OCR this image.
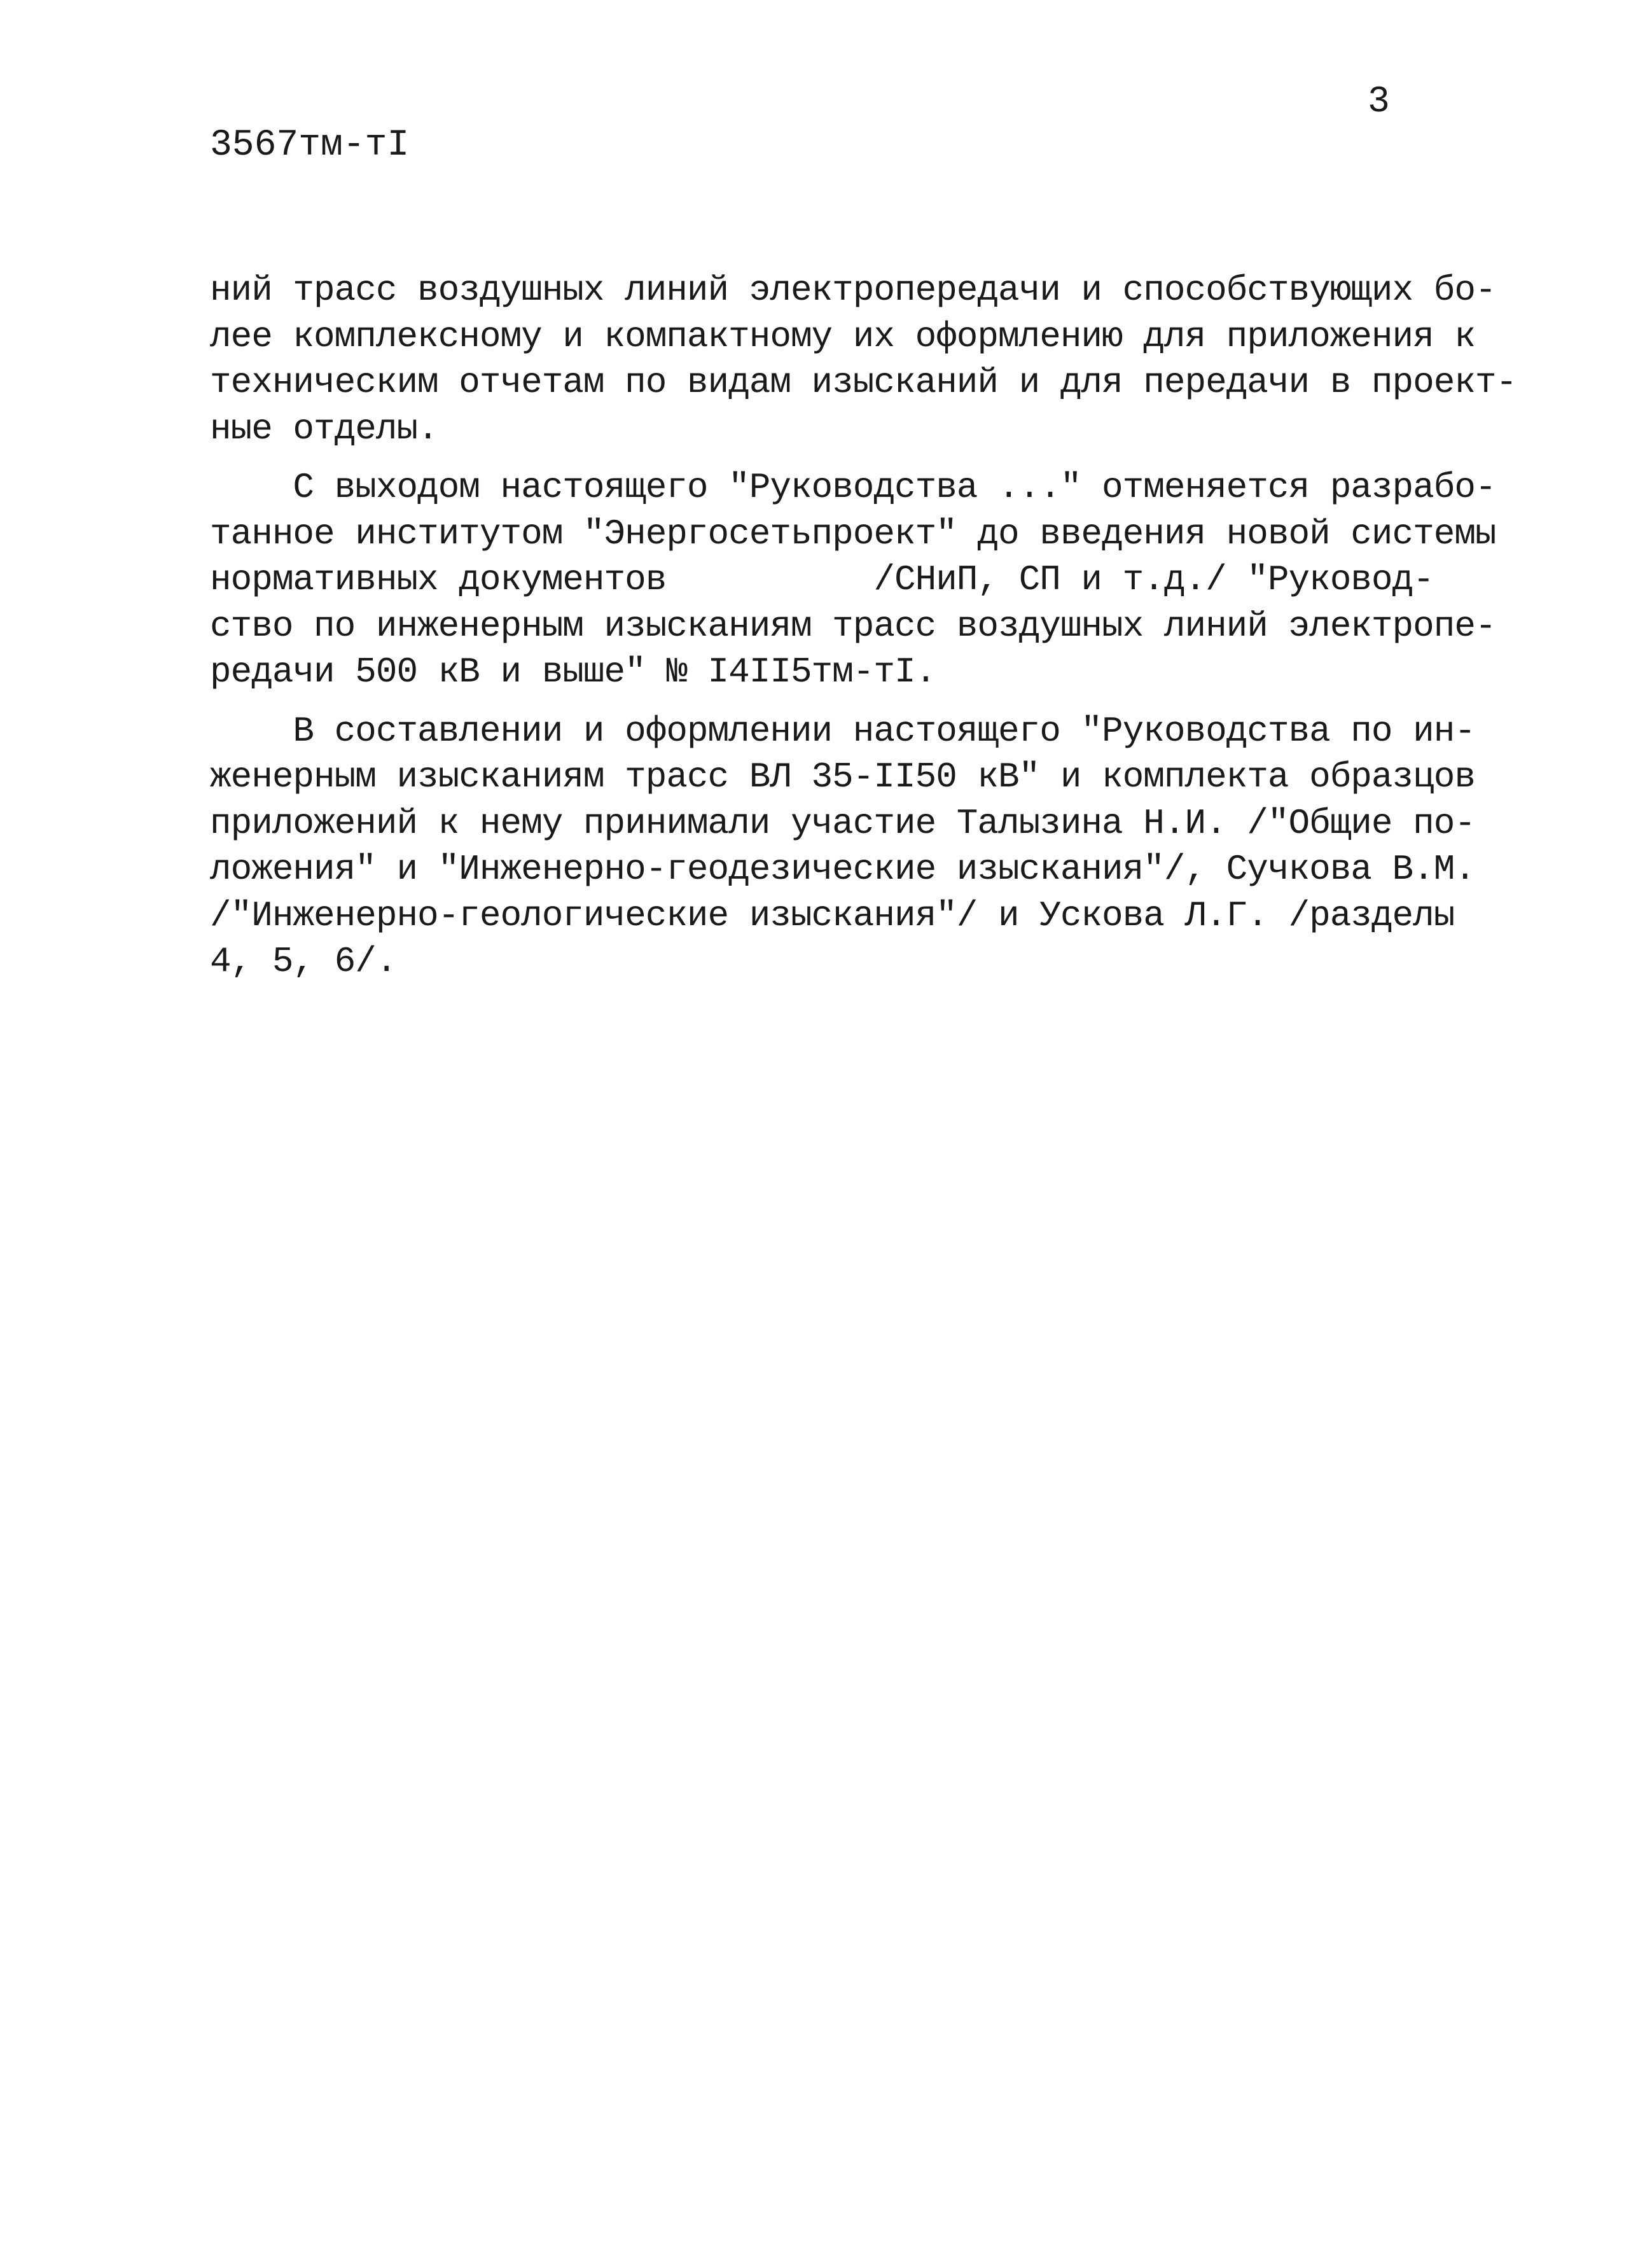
3
3567тм-тI
ний трасс воздушных линий электропередачи и способствующих бо-
лее комплексному и компактному их оформлению для приложения к
техническим отчетам по видам изысканий и для передачи в проект-
ные отделы.
С выходом настоящего "Руководства ..." отменяется разрабо-
танное институтом "Энергосетьпроект" до введения новой системы
нормативных документов          /СНиП, СП и т.д./ "Руковод-
ство по инженерным изысканиям трасс воздушных линий электропе-
редачи 500 кВ и выше" № I4II5тм-тI.
В составлении и оформлении настоящего "Руководства по ин-
женерным изысканиям трасс ВЛ 35-II50 кВ" и комплекта образцов
приложений к нему принимали участие Талызина Н.И. /"Общие по-
ложения" и "Инженерно-геодезические изыскания"/, Сучкова В.М.
/"Инженерно-геологические изыскания"/ и Ускова Л.Г. /разделы
4, 5, 6/.
